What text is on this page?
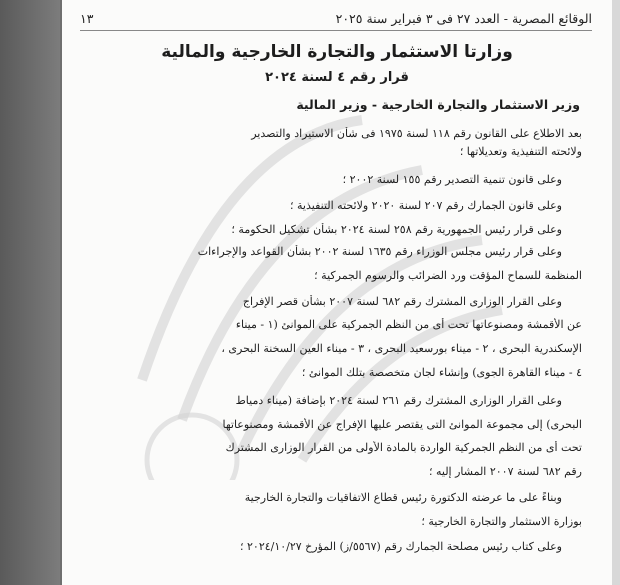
الوقائع المصرية - العدد ٢٧ فى ٣ فبراير سنة ٢٠٢٥
١٣
وزارتا الاستثمار والتجارة الخارجية والمالية
قرار رقم ٤ لسنة ٢٠٢٤
وزير الاستثمار والتجارة الخارجية - وزير المالية
بعد الاطلاع على القانون رقم ١١٨ لسنة ١٩٧٥ فى شأن الاستيراد والتصدير
ولائحته التنفيذية وتعديلاتها ؛
وعلى قانون تنمية التصدير رقم ١٥٥ لسنة ٢٠٠٢ ؛
وعلى قانون الجمارك رقم ٢٠٧ لسنة ٢٠٢٠ ولائحته التنفيذية ؛
وعلى قرار رئيس الجمهورية رقم ٢٥٨ لسنة ٢٠٢٤ بشأن تشكيل الحكومة ؛
وعلى قرار رئيس مجلس الوزراء رقم ١٦٣٥ لسنة ٢٠٠٢ بشأن القواعد والإجراءات
المنظمة للسماح المؤقت ورد الضرائب والرسوم الجمركية ؛
وعلى القرار الوزارى المشترك رقم ٦٨٢ لسنة ٢٠٠٧ بشأن قصر الإفراج
عن الأقمشة ومصنوعاتها تحت أى من النظم الجمركية على الموانئ (١ - ميناء
الإسكندرية البحرى ، ٢ - ميناء بورسعيد البحرى ، ٣ - ميناء العين السخنة البحرى ،
٤ - ميناء القاهرة الجوى) وإنشاء لجان متخصصة بتلك الموانئ ؛
وعلى القرار الوزارى المشترك رقم ٢٦١ لسنة ٢٠٢٤ بإضافة (ميناء دمياط
البحرى) إلى مجموعة الموانئ التى يقتصر عليها الإفراج عن الأقمشة ومصنوعاتها
تحت أى من النظم الجمركية الواردة بالمادة الأولى من القرار الوزارى المشترك
رقم ٦٨٢ لسنة ٢٠٠٧ المشار إليه ؛
وبناءً على ما عرضته الدكتورة رئيس قطاع الاتفاقيات والتجارة الخارجية
بوزارة الاستثمار والتجارة الخارجية ؛
وعلى كتاب رئيس مصلحة الجمارك رقم (٥٥٦٧/ز) المؤرخ ٢٠٢٤/١٠/٢٧ ؛
